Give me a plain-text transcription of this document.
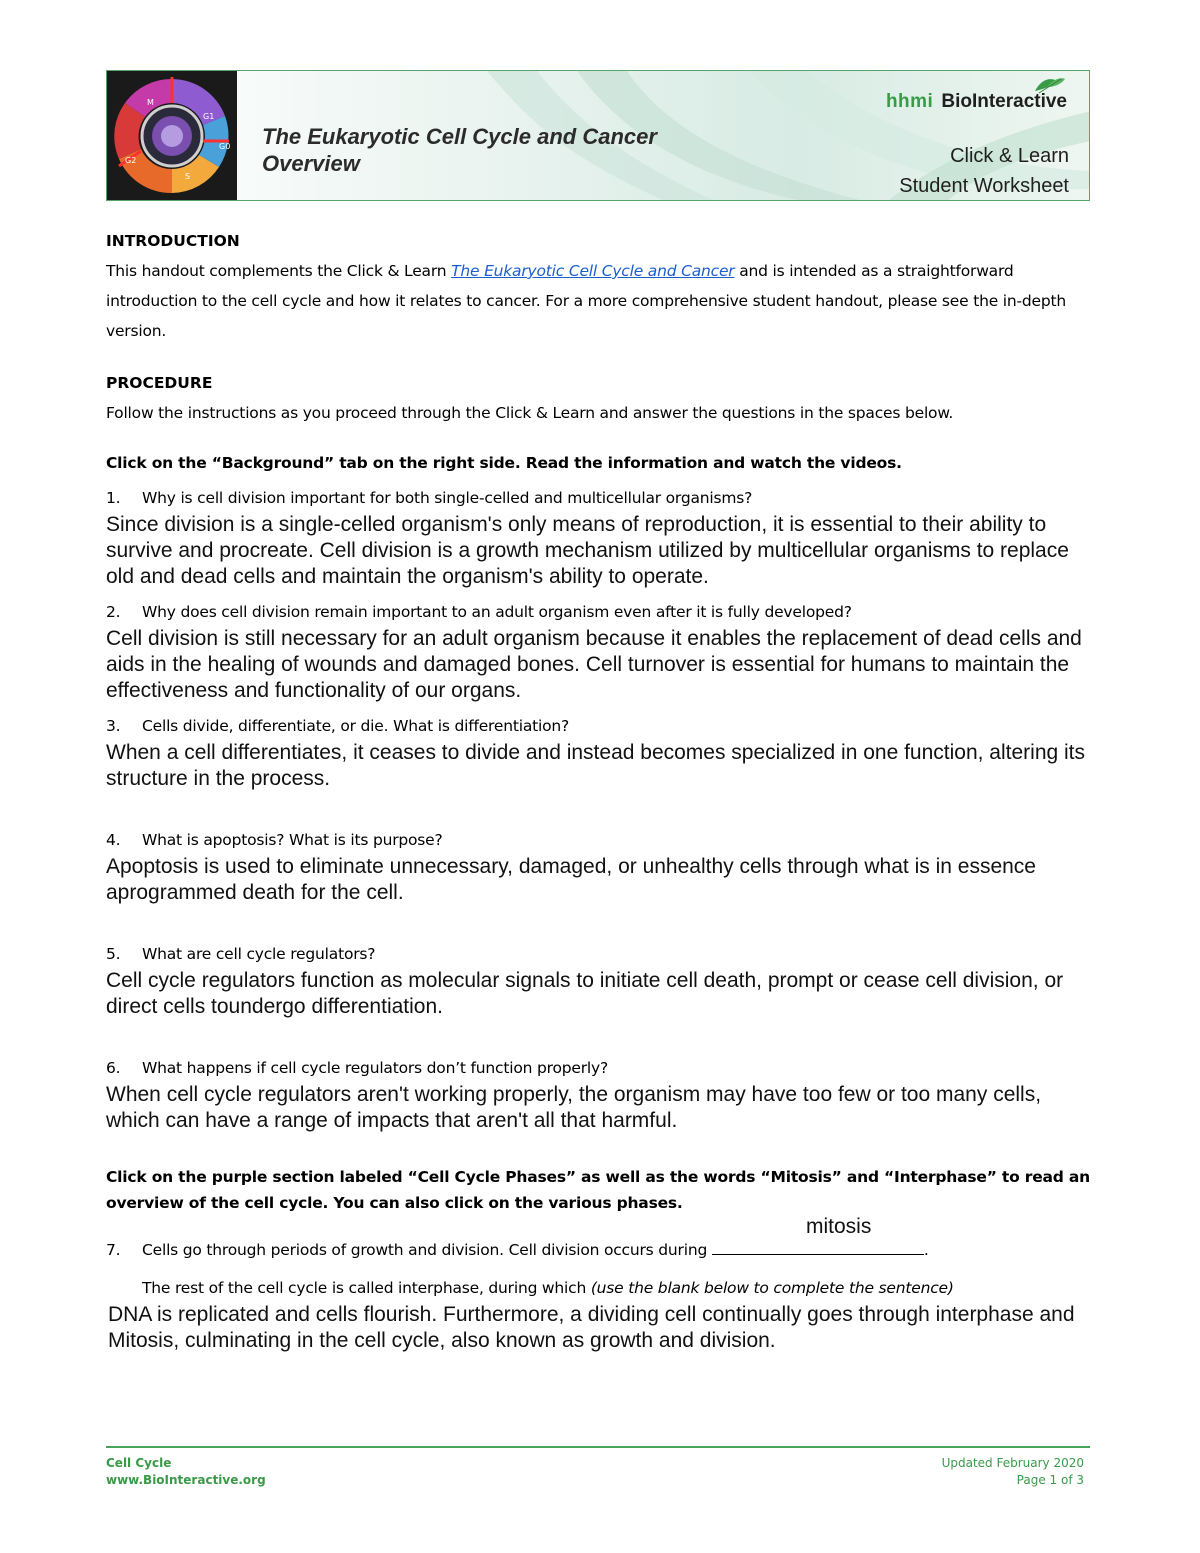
M
G1
G0
S
G2
The Eukaryotic Cell Cycle and Cancer
Overview
hhmi BioInteractive
Click & Learn
Student Worksheet
INTRODUCTION
This handout complements the Click & Learn The Eukaryotic Cell Cycle and Cancer and is intended as a straightforward introduction to the cell cycle and how it relates to cancer. For a more comprehensive student handout, please see the in-depth version.
PROCEDURE
Follow the instructions as you proceed through the Click & Learn and answer the questions in the spaces below.
Click on the “Background” tab on the right side. Read the information and watch the videos.
1. Why is cell division important for both single-celled and multicellular organisms?
Since division is a single-celled organism's only means of reproduction, it is essential to their ability to survive and procreate. Cell division is a growth mechanism utilized by multicellular organisms to replace old and dead cells and maintain the organism's ability to operate.
2. Why does cell division remain important to an adult organism even after it is fully developed?
Cell division is still necessary for an adult organism because it enables the replacement of dead cells and aids in the healing of wounds and damaged bones. Cell turnover is essential for humans to maintain the effectiveness and functionality of our organs.
3. Cells divide, differentiate, or die. What is differentiation?
When a cell differentiates, it ceases to divide and instead becomes specialized in one function, altering its structure in the process.
4. What is apoptosis? What is its purpose?
Apoptosis is used to eliminate unnecessary, damaged, or unhealthy cells through what is in essence aprogrammed death for the cell.
5. What are cell cycle regulators?
Cell cycle regulators function as molecular signals to initiate cell death, prompt or cease cell division, or direct cells toundergo differentiation.
6. What happens if cell cycle regulators don’t function properly?
When cell cycle regulators aren't working properly, the organism may have too few or too many cells, which can have a range of impacts that aren't all that harmful.
Click on the purple section labeled “Cell Cycle Phases” as well as the words “Mitosis” and “Interphase” to read an overview of the cell cycle. You can also click on the various phases.
mitosis
7. Cells go through periods of growth and division. Cell division occurs during	.
The rest of the cell cycle is called interphase, during which (use the blank below to complete the sentence)
DNA is replicated and cells flourish. Furthermore, a dividing cell continually goes through interphase and Mitosis, culminating in the cell cycle, also known as growth and division.
Cell Cycle
www.BioInteractive.org
Updated February 2020
Page 1 of 3
